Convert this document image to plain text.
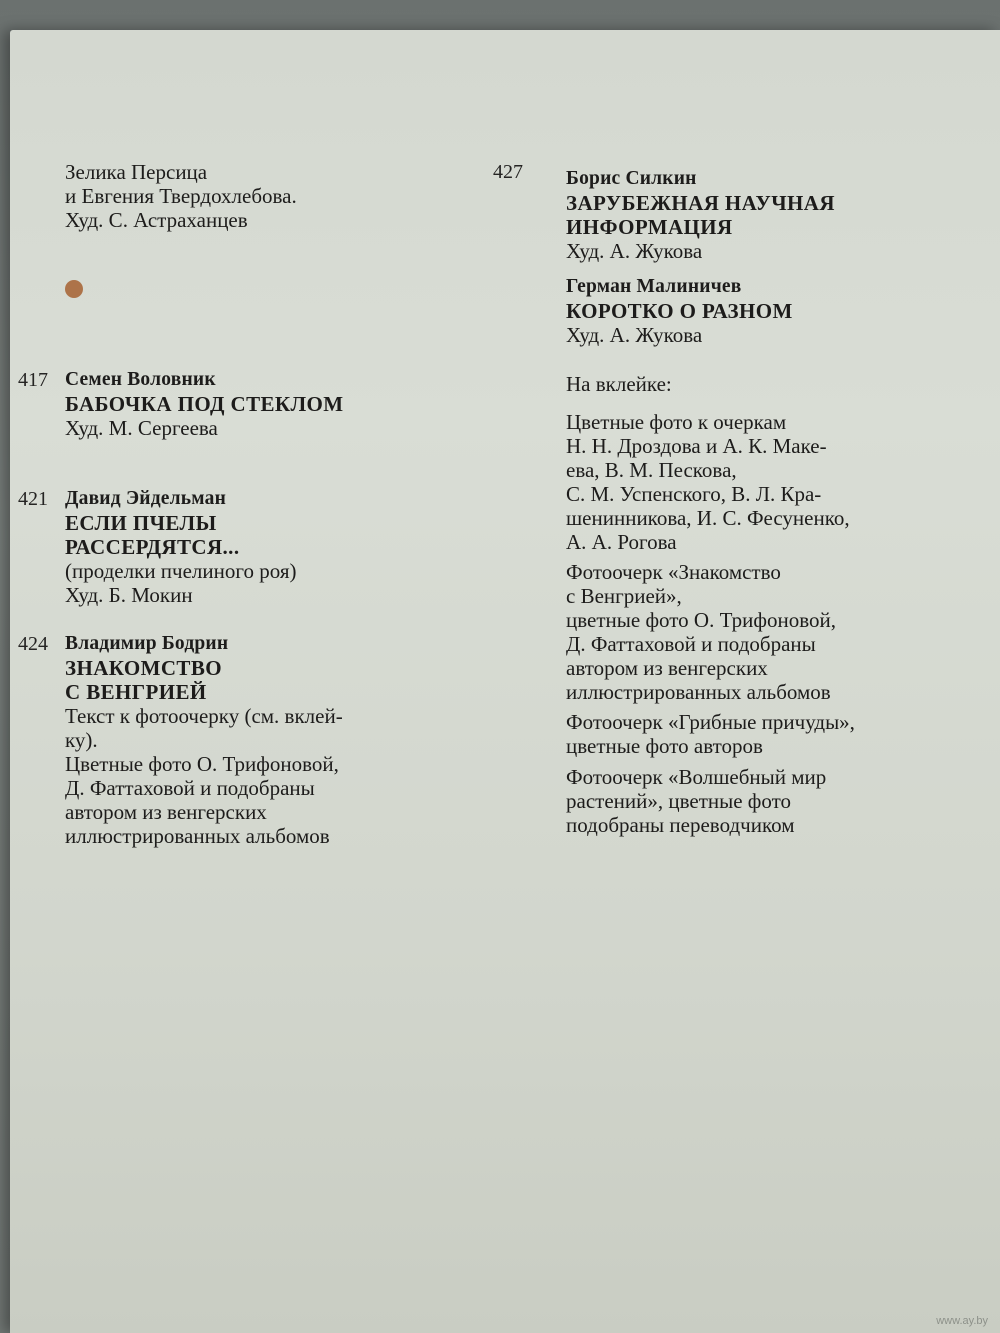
Зелика Персица
и Евгения Твердохлебова.
Худ. С. Астраханцев
417 Семен Воловник
БАБОЧКА ПОД СТЕКЛОМ
Худ. М. Сергеева
421 Давид Эйдельман
ЕСЛИ ПЧЕЛЫ
РАССЕРДЯТСЯ...
(проделки пчелиного роя)
Худ. Б. Мокин
424 Владимир Бодрин
ЗНАКОМСТВО
С ВЕНГРИЕЙ
Текст к фотоочерку (см. вклей-
ку).
Цветные фото О. Трифоновой,
Д. Фаттаховой и подобраны
автором из венгерских
иллюстрированных альбомов
427 Борис Силкин
ЗАРУБЕЖНАЯ НАУЧНАЯ
ИНФОРМАЦИЯ
Худ. А. Жукова
Герман Малиничев
КОРОТКО О РАЗНОМ
Худ. А. Жукова
На вклейке:
Цветные фото к очеркам
Н. Н. Дроздова и А. К. Маке-
ева, В. М. Пескова,
С. М. Успенского, В. Л. Кра-
шенинникова, И. С. Фесуненко,
А. А. Рогова
Фотоочерк «Знакомство
с Венгрией»,
цветные фото О. Трифоновой,
Д. Фаттаховой и подобраны
автором из венгерских
иллюстрированных альбомов
Фотоочерк «Грибные причуды»,
цветные фото авторов
Фотоочерк «Волшебный мир
растений», цветные фото
подобраны переводчиком
www.ay.by
